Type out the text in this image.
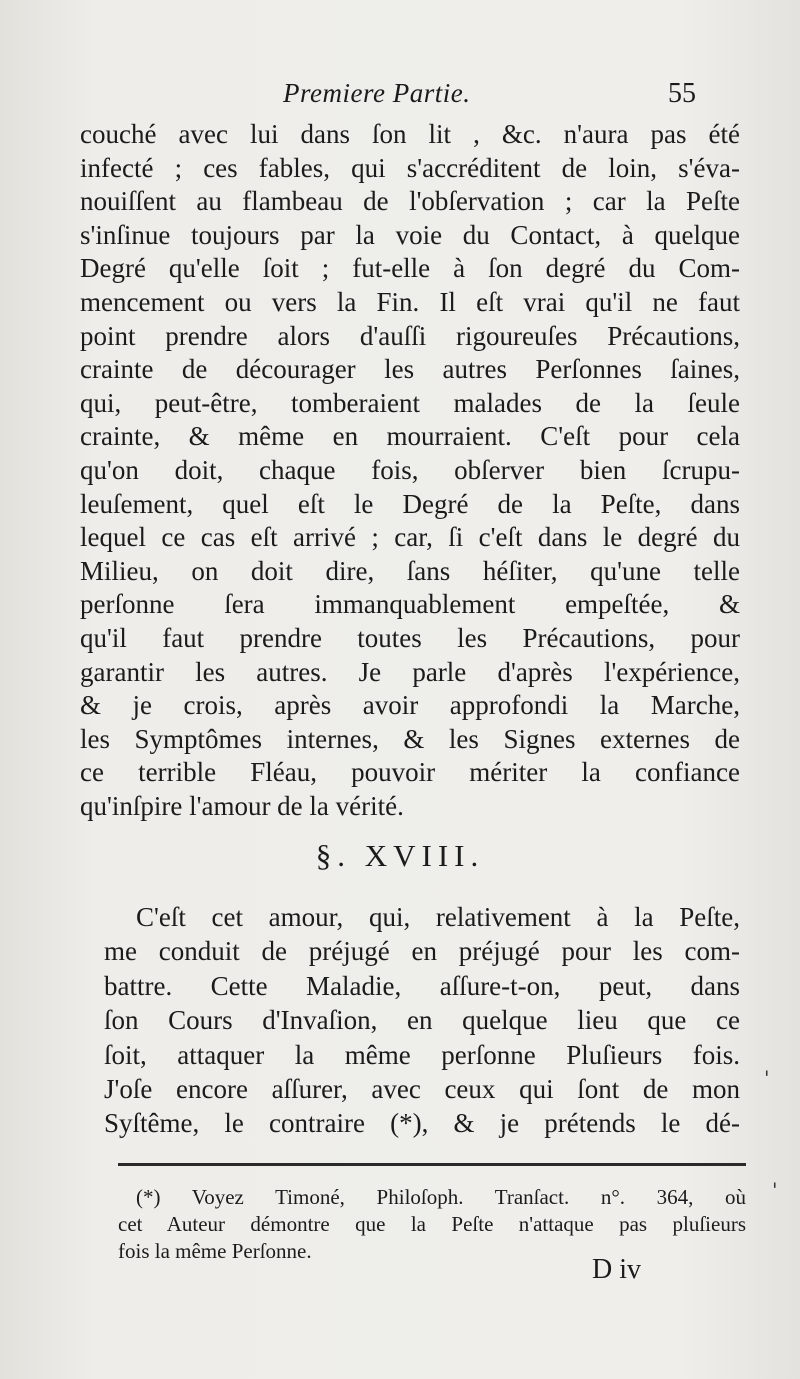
Premiere Partie.	55
couché avec lui dans ſon lit , &c. n'aura pas été
infecté ; ces fables, qui s'accréditent de loin, s'éva-
nouiſſent au flambeau de l'obſervation ; car la Peſte
s'inſinue toujours par la voie du Contact, à quelque
Degré qu'elle ſoit ; fut-elle à ſon degré du Com-
mencement ou vers la Fin. Il eſt vrai qu'il ne faut
point prendre alors d'auſſi rigoureuſes Précautions,
crainte de décourager les autres Perſonnes ſaines,
qui, peut-être, tomberaient malades de la ſeule
crainte, & même en mourraient. C'eſt pour cela
qu'on doit, chaque fois, obſerver bien ſcrupu-
leuſement, quel eſt le Degré de la Peſte, dans
lequel ce cas eſt arrivé ; car, ſi c'eſt dans le degré du
Milieu, on doit dire, ſans héſiter, qu'une telle
perſonne ſera immanquablement empeſtée, &
qu'il faut prendre toutes les Précautions, pour
garantir les autres. Je parle d'après l'expérience,
& je crois, après avoir approfondi la Marche,
les Symptômes internes, & les Signes externes de
ce terrible Fléau, pouvoir mériter la confiance
qu'inſpire l'amour de la vérité.
§. XVIII.
C'eſt cet amour, qui, relativement à la Peſte,
me conduit de préjugé en préjugé pour les com-
battre. Cette Maladie, aſſure-t-on, peut, dans
ſon Cours d'Invaſion, en quelque lieu que ce
ſoit, attaquer la même perſonne Pluſieurs fois.
J'oſe encore aſſurer, avec ceux qui ſont de mon
Syſtême, le contraire (*), & je prétends le dé-
(*) Voyez Timoné, Philoſoph. Tranſact. n°. 364, où
cet Auteur démontre que la Peſte n'attaque pas pluſieurs
fois la même Perſonne.
D iv
'
'
